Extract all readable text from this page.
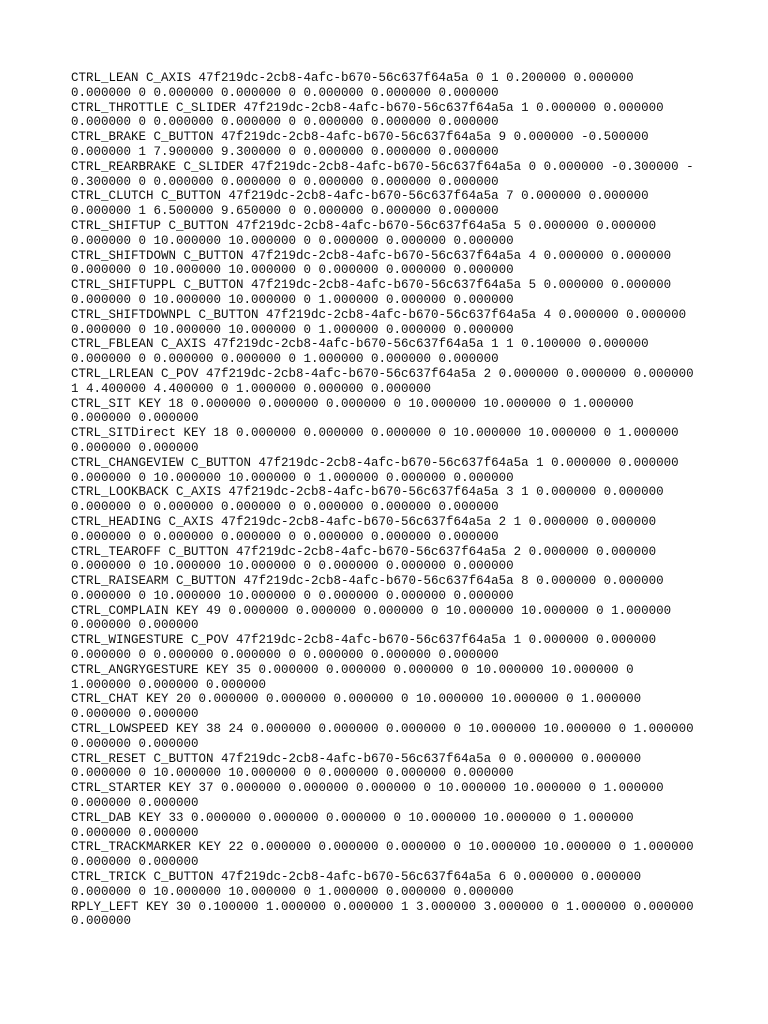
CTRL_LEAN C_AXIS 47f219dc-2cb8-4afc-b670-56c637f64a5a 0 1 0.200000 0.000000
0.000000 0 0.000000 0.000000 0 0.000000 0.000000 0.000000
CTRL_THROTTLE C_SLIDER 47f219dc-2cb8-4afc-b670-56c637f64a5a 1 0.000000 0.000000
0.000000 0 0.000000 0.000000 0 0.000000 0.000000 0.000000
CTRL_BRAKE C_BUTTON 47f219dc-2cb8-4afc-b670-56c637f64a5a 9 0.000000 -0.500000
0.000000 1 7.900000 9.300000 0 0.000000 0.000000 0.000000
CTRL_REARBRAKE C_SLIDER 47f219dc-2cb8-4afc-b670-56c637f64a5a 0 0.000000 -0.300000 -
0.300000 0 0.000000 0.000000 0 0.000000 0.000000 0.000000
CTRL_CLUTCH C_BUTTON 47f219dc-2cb8-4afc-b670-56c637f64a5a 7 0.000000 0.000000
0.000000 1 6.500000 9.650000 0 0.000000 0.000000 0.000000
CTRL_SHIFTUP C_BUTTON 47f219dc-2cb8-4afc-b670-56c637f64a5a 5 0.000000 0.000000
0.000000 0 10.000000 10.000000 0 0.000000 0.000000 0.000000
CTRL_SHIFTDOWN C_BUTTON 47f219dc-2cb8-4afc-b670-56c637f64a5a 4 0.000000 0.000000
0.000000 0 10.000000 10.000000 0 0.000000 0.000000 0.000000
CTRL_SHIFTUPPL C_BUTTON 47f219dc-2cb8-4afc-b670-56c637f64a5a 5 0.000000 0.000000
0.000000 0 10.000000 10.000000 0 1.000000 0.000000 0.000000
CTRL_SHIFTDOWNPL C_BUTTON 47f219dc-2cb8-4afc-b670-56c637f64a5a 4 0.000000 0.000000
0.000000 0 10.000000 10.000000 0 1.000000 0.000000 0.000000
CTRL_FBLEAN C_AXIS 47f219dc-2cb8-4afc-b670-56c637f64a5a 1 1 0.100000 0.000000
0.000000 0 0.000000 0.000000 0 1.000000 0.000000 0.000000
CTRL_LRLEAN C_POV 47f219dc-2cb8-4afc-b670-56c637f64a5a 2 0.000000 0.000000 0.000000
1 4.400000 4.400000 0 1.000000 0.000000 0.000000
CTRL_SIT KEY 18 0.000000 0.000000 0.000000 0 10.000000 10.000000 0 1.000000
0.000000 0.000000
CTRL_SITDirect KEY 18 0.000000 0.000000 0.000000 0 10.000000 10.000000 0 1.000000
0.000000 0.000000
CTRL_CHANGEVIEW C_BUTTON 47f219dc-2cb8-4afc-b670-56c637f64a5a 1 0.000000 0.000000
0.000000 0 10.000000 10.000000 0 1.000000 0.000000 0.000000
CTRL_LOOKBACK C_AXIS 47f219dc-2cb8-4afc-b670-56c637f64a5a 3 1 0.000000 0.000000
0.000000 0 0.000000 0.000000 0 0.000000 0.000000 0.000000
CTRL_HEADING C_AXIS 47f219dc-2cb8-4afc-b670-56c637f64a5a 2 1 0.000000 0.000000
0.000000 0 0.000000 0.000000 0 0.000000 0.000000 0.000000
CTRL_TEAROFF C_BUTTON 47f219dc-2cb8-4afc-b670-56c637f64a5a 2 0.000000 0.000000
0.000000 0 10.000000 10.000000 0 0.000000 0.000000 0.000000
CTRL_RAISEARM C_BUTTON 47f219dc-2cb8-4afc-b670-56c637f64a5a 8 0.000000 0.000000
0.000000 0 10.000000 10.000000 0 0.000000 0.000000 0.000000
CTRL_COMPLAIN KEY 49 0.000000 0.000000 0.000000 0 10.000000 10.000000 0 1.000000
0.000000 0.000000
CTRL_WINGESTURE C_POV 47f219dc-2cb8-4afc-b670-56c637f64a5a 1 0.000000 0.000000
0.000000 0 0.000000 0.000000 0 0.000000 0.000000 0.000000
CTRL_ANGRYGESTURE KEY 35 0.000000 0.000000 0.000000 0 10.000000 10.000000 0
1.000000 0.000000 0.000000
CTRL_CHAT KEY 20 0.000000 0.000000 0.000000 0 10.000000 10.000000 0 1.000000
0.000000 0.000000
CTRL_LOWSPEED KEY 38 24 0.000000 0.000000 0.000000 0 10.000000 10.000000 0 1.000000
0.000000 0.000000
CTRL_RESET C_BUTTON 47f219dc-2cb8-4afc-b670-56c637f64a5a 0 0.000000 0.000000
0.000000 0 10.000000 10.000000 0 0.000000 0.000000 0.000000
CTRL_STARTER KEY 37 0.000000 0.000000 0.000000 0 10.000000 10.000000 0 1.000000
0.000000 0.000000
CTRL_DAB KEY 33 0.000000 0.000000 0.000000 0 10.000000 10.000000 0 1.000000
0.000000 0.000000
CTRL_TRACKMARKER KEY 22 0.000000 0.000000 0.000000 0 10.000000 10.000000 0 1.000000
0.000000 0.000000
CTRL_TRICK C_BUTTON 47f219dc-2cb8-4afc-b670-56c637f64a5a 6 0.000000 0.000000
0.000000 0 10.000000 10.000000 0 1.000000 0.000000 0.000000
RPLY_LEFT KEY 30 0.100000 1.000000 0.000000 1 3.000000 3.000000 0 1.000000 0.000000
0.000000
